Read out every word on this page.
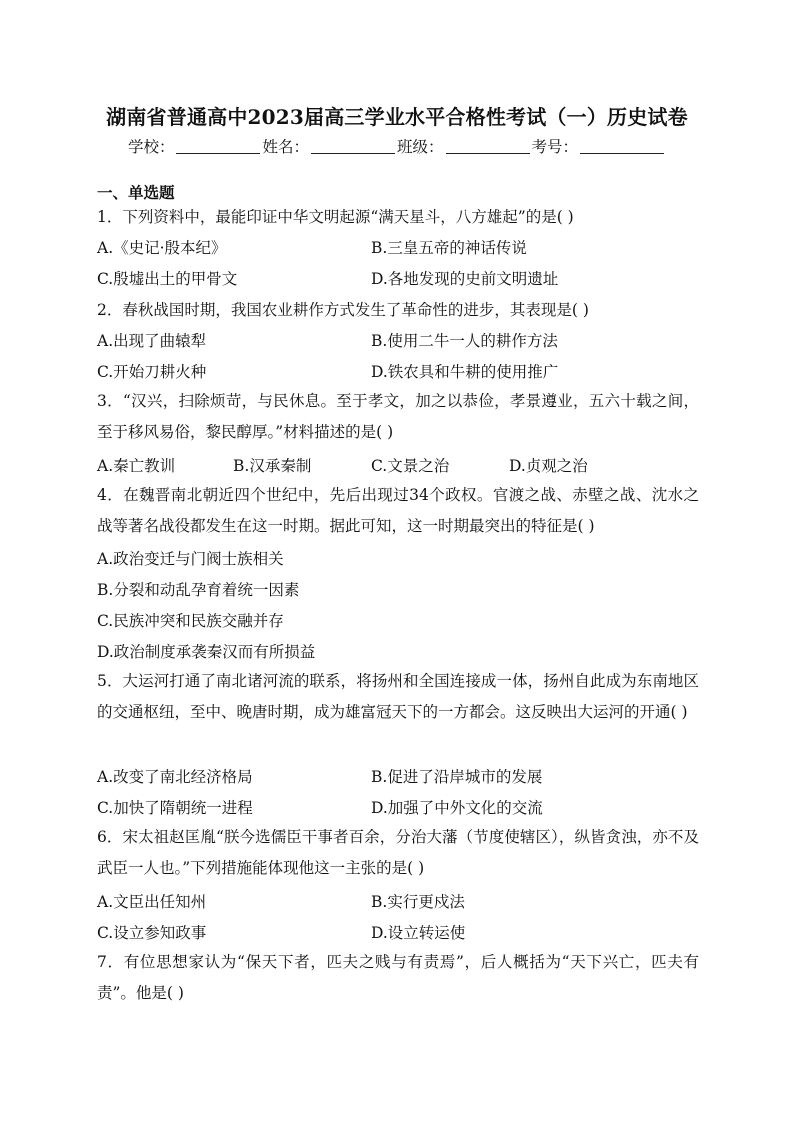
湖南省普通高中2023届高三学业水平合格性考试（一）历史试卷
学校：	姓名：	班级：	考号：
一、单选题
1．下列资料中，最能印证中华文明起源“满天星斗，八方雄起”的是( )
A.《史记·殷本纪》	B.三皇五帝的神话传说
C.殷墟出土的甲骨文	D.各地发现的史前文明遗址
2．春秋战国时期，我国农业耕作方式发生了革命性的进步，其表现是( )
A.出现了曲辕犁	B.使用二牛一人的耕作方法
C.开始刀耕火种	D.铁农具和牛耕的使用推广
3．“汉兴，扫除烦苛，与民休息。至于孝文，加之以恭俭，孝景遵业，五六十载之间，至于移风易俗，黎民醇厚。”材料描述的是( )
A.秦亡教训	B.汉承秦制	C.文景之治	D.贞观之治
4．在魏晋南北朝近四个世纪中，先后出现过34个政权。官渡之战、赤壁之战、沈水之战等著名战役都发生在这一时期。据此可知，这一时期最突出的特征是( )
A.政治变迁与门阀士族相关
B.分裂和动乱孕育着统一因素
C.民族冲突和民族交融并存
D.政治制度承袭秦汉而有所损益
5．大运河打通了南北诸河流的联系，将扬州和全国连接成一体，扬州自此成为东南地区的交通枢纽，至中、晚唐时期，成为雄富冠天下的一方都会。这反映出大运河的开通( )
A.改变了南北经济格局	B.促进了沿岸城市的发展
C.加快了隋朝统一进程	D.加强了中外文化的交流
6．宋太祖赵匡胤“朕今选儒臣干事者百余，分治大藩（节度使辖区），纵皆贪浊，亦不及武臣一人也。”下列措施能体现他这一主张的是( )
A.文臣出任知州	B.实行更戍法
C.设立参知政事	D.设立转运使
7．有位思想家认为“保天下者，匹夫之贱与有责焉”，后人概括为“天下兴亡，匹夫有责”。他是( )
